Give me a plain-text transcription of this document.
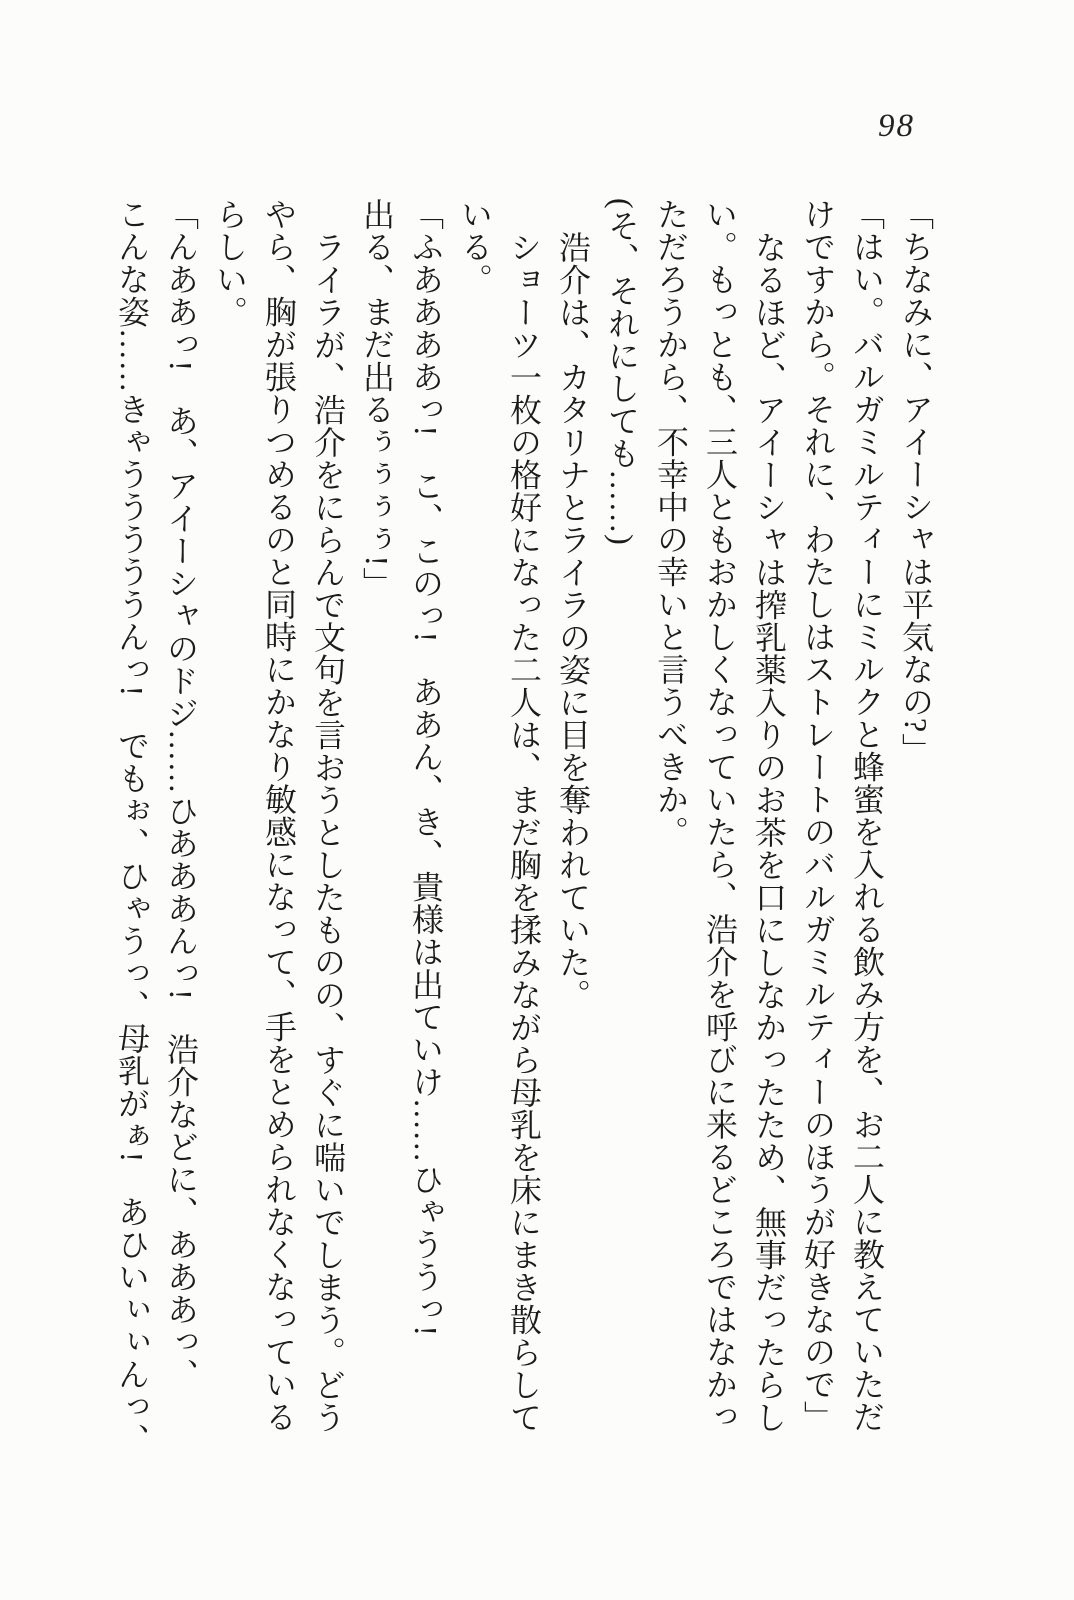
98

「ちなみに、アイーシャは平気なの?」

「はい。バルガミルティーにミルクと蜂蜜を入れる飲み方を、お二人に教えていただ

けですから。それに、わたしはストレートのバルガミルティーのほうが好きなので」

なるほど、アイーシャは搾乳薬入りのお茶を口にしなかったため、無事だったらし

い。もっとも、三人ともおかしくなっていたら、浩介を呼びに来るどころではなかっ

ただろうから、不幸中の幸いと言うべきか。

(そ、それにしても……)

浩介は、カタリナとライラの姿に目を奪われていた。

ショーツ一枚の格好になった二人は、まだ胸を揉みながら母乳を床にまき散らして

いる。

「ふああああっ!　こ、このっ!　ああん、き、貴様は出ていけ……ひゃううっ!

出る、まだ出るぅぅぅぅ!」

ライラが、浩介をにらんで文句を言おうとしたものの、すぐに喘いでしまう。どう

やら、胸が張りつめるのと同時にかなり敏感になって、手をとめられなくなっている

らしい。

「んああっ!　あ、アイーシャのドジ……ひあああんっ!　浩介などに、あああっ、

こんな姿……きゃうううううんっ!　でもぉ、ひゃうっ、母乳がぁ!　あひいぃぃんっ、
